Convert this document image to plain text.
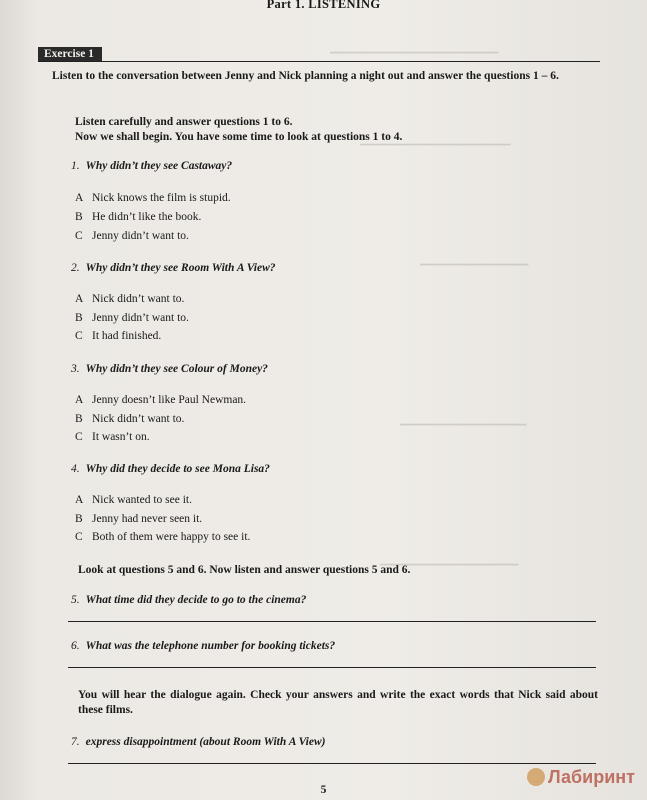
━━━━━━━━━━━━━━━━━━━━━━━━━━━━
━━━━━━━━━━━━━━━━━━━━━━━━━
━━━━━━━━━━━━━━━━━━
━━━━━━━━━━━━━━━━━━━━━
━━━━━━━━━━━━━━━━━━━━━━━
Part 1. LISTENING
Exercise 1
Listen to the conversation between Jenny and Nick planning a night out and answer the questions 1 – 6.
Listen carefully and answer questions 1 to 6.
Now we shall begin. You have some time to look at questions 1 to 4.
1. Why didn’t they see Castaway?
A Nick knows the film is stupid.
B He didn’t like the book.
C Jenny didn’t want to.
2. Why didn’t they see Room With A View?
A Nick didn’t want to.
B Jenny didn’t want to.
C It had finished.
3. Why didn’t they see Colour of Money?
A Jenny doesn’t like Paul Newman.
B Nick didn’t want to.
C It wasn’t on.
4. Why did they decide to see Mona Lisa?
A Nick wanted to see it.
B Jenny had never seen it.
C Both of them were happy to see it.
Look at questions 5 and 6. Now listen and answer questions 5 and 6.
5. What time did they decide to go to the cinema?
6. What was the telephone number for booking tickets?
You will hear the dialogue again. Check your answers and write the exact words that Nick said about these films.
7. express disappointment (about Room With A View)
5
Лабиринт
